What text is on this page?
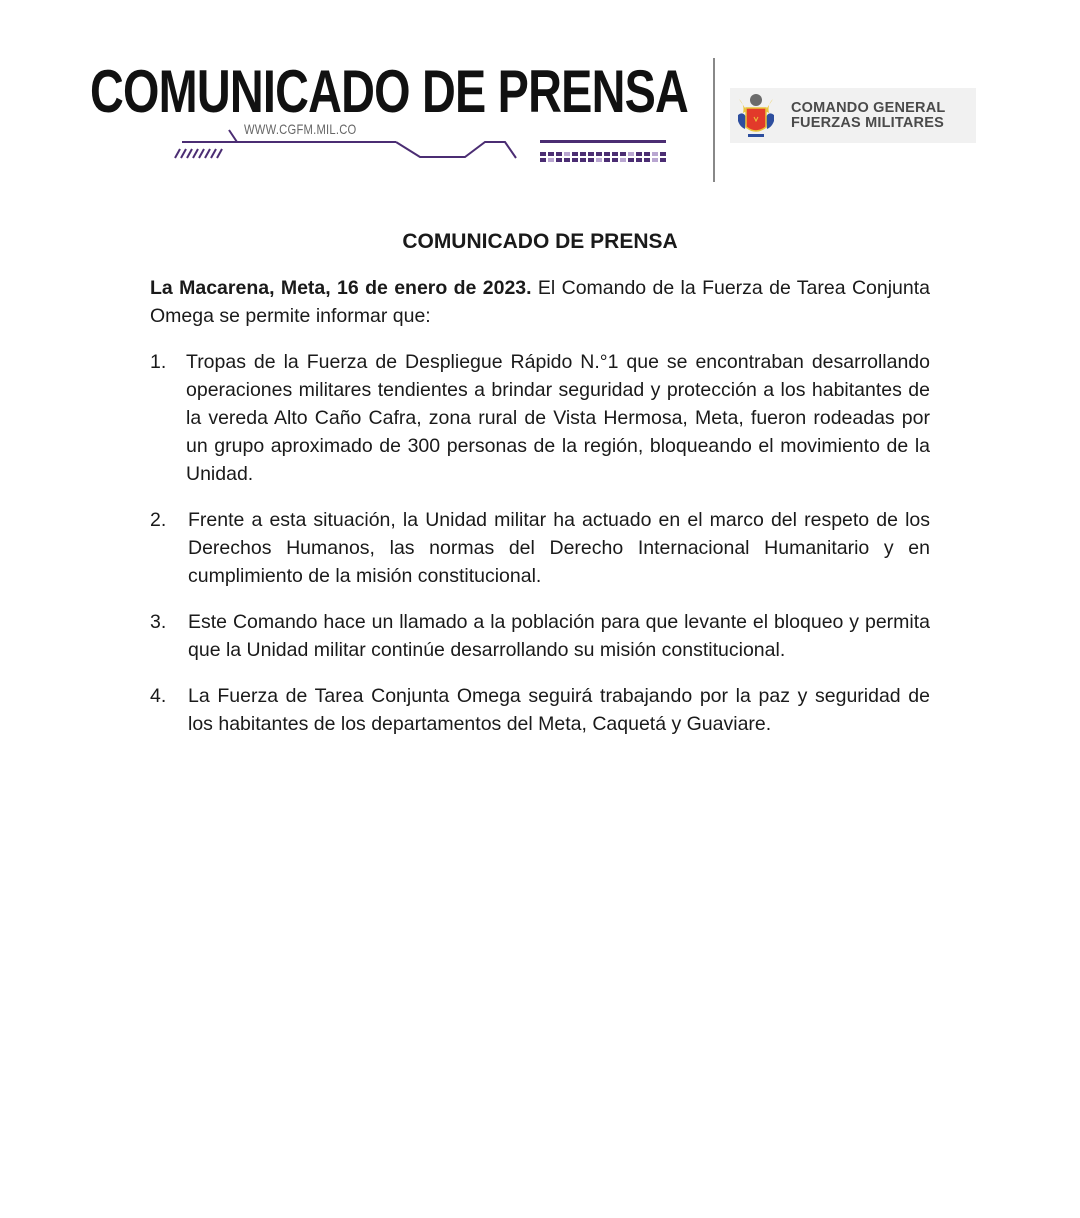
COMUNICADO DE PRENSA
WWW.CGFM.MIL.CO
COMANDO GENERAL
FUERZAS MILITARES
COMUNICADO DE PRENSA

La Macarena, Meta, 16 de enero de 2023. El Comando de la Fuerza de Tarea Conjunta Omega se permite informar que:

1.	Tropas de la Fuerza de Despliegue Rápido N.°1 que se encontraban desarrollando operaciones militares tendientes a brindar seguridad y protección a los habitantes de la vereda Alto Caño Cafra, zona rural de Vista Hermosa, Meta, fueron rodeadas por un grupo aproximado de 300 personas de la región, bloqueando el movimiento de la Unidad.
2.	Frente a esta situación, la Unidad militar ha actuado en el marco del respeto de los Derechos Humanos, las normas del Derecho Internacional Humanitario y en cumplimiento de la misión constitucional.
3.	Este Comando hace un llamado a la población para que levante el bloqueo y permita que la Unidad militar continúe desarrollando su misión constitucional.
4.	La Fuerza de Tarea Conjunta Omega seguirá trabajando por la paz y seguridad de los habitantes de los departamentos del Meta, Caquetá y Guaviare.
